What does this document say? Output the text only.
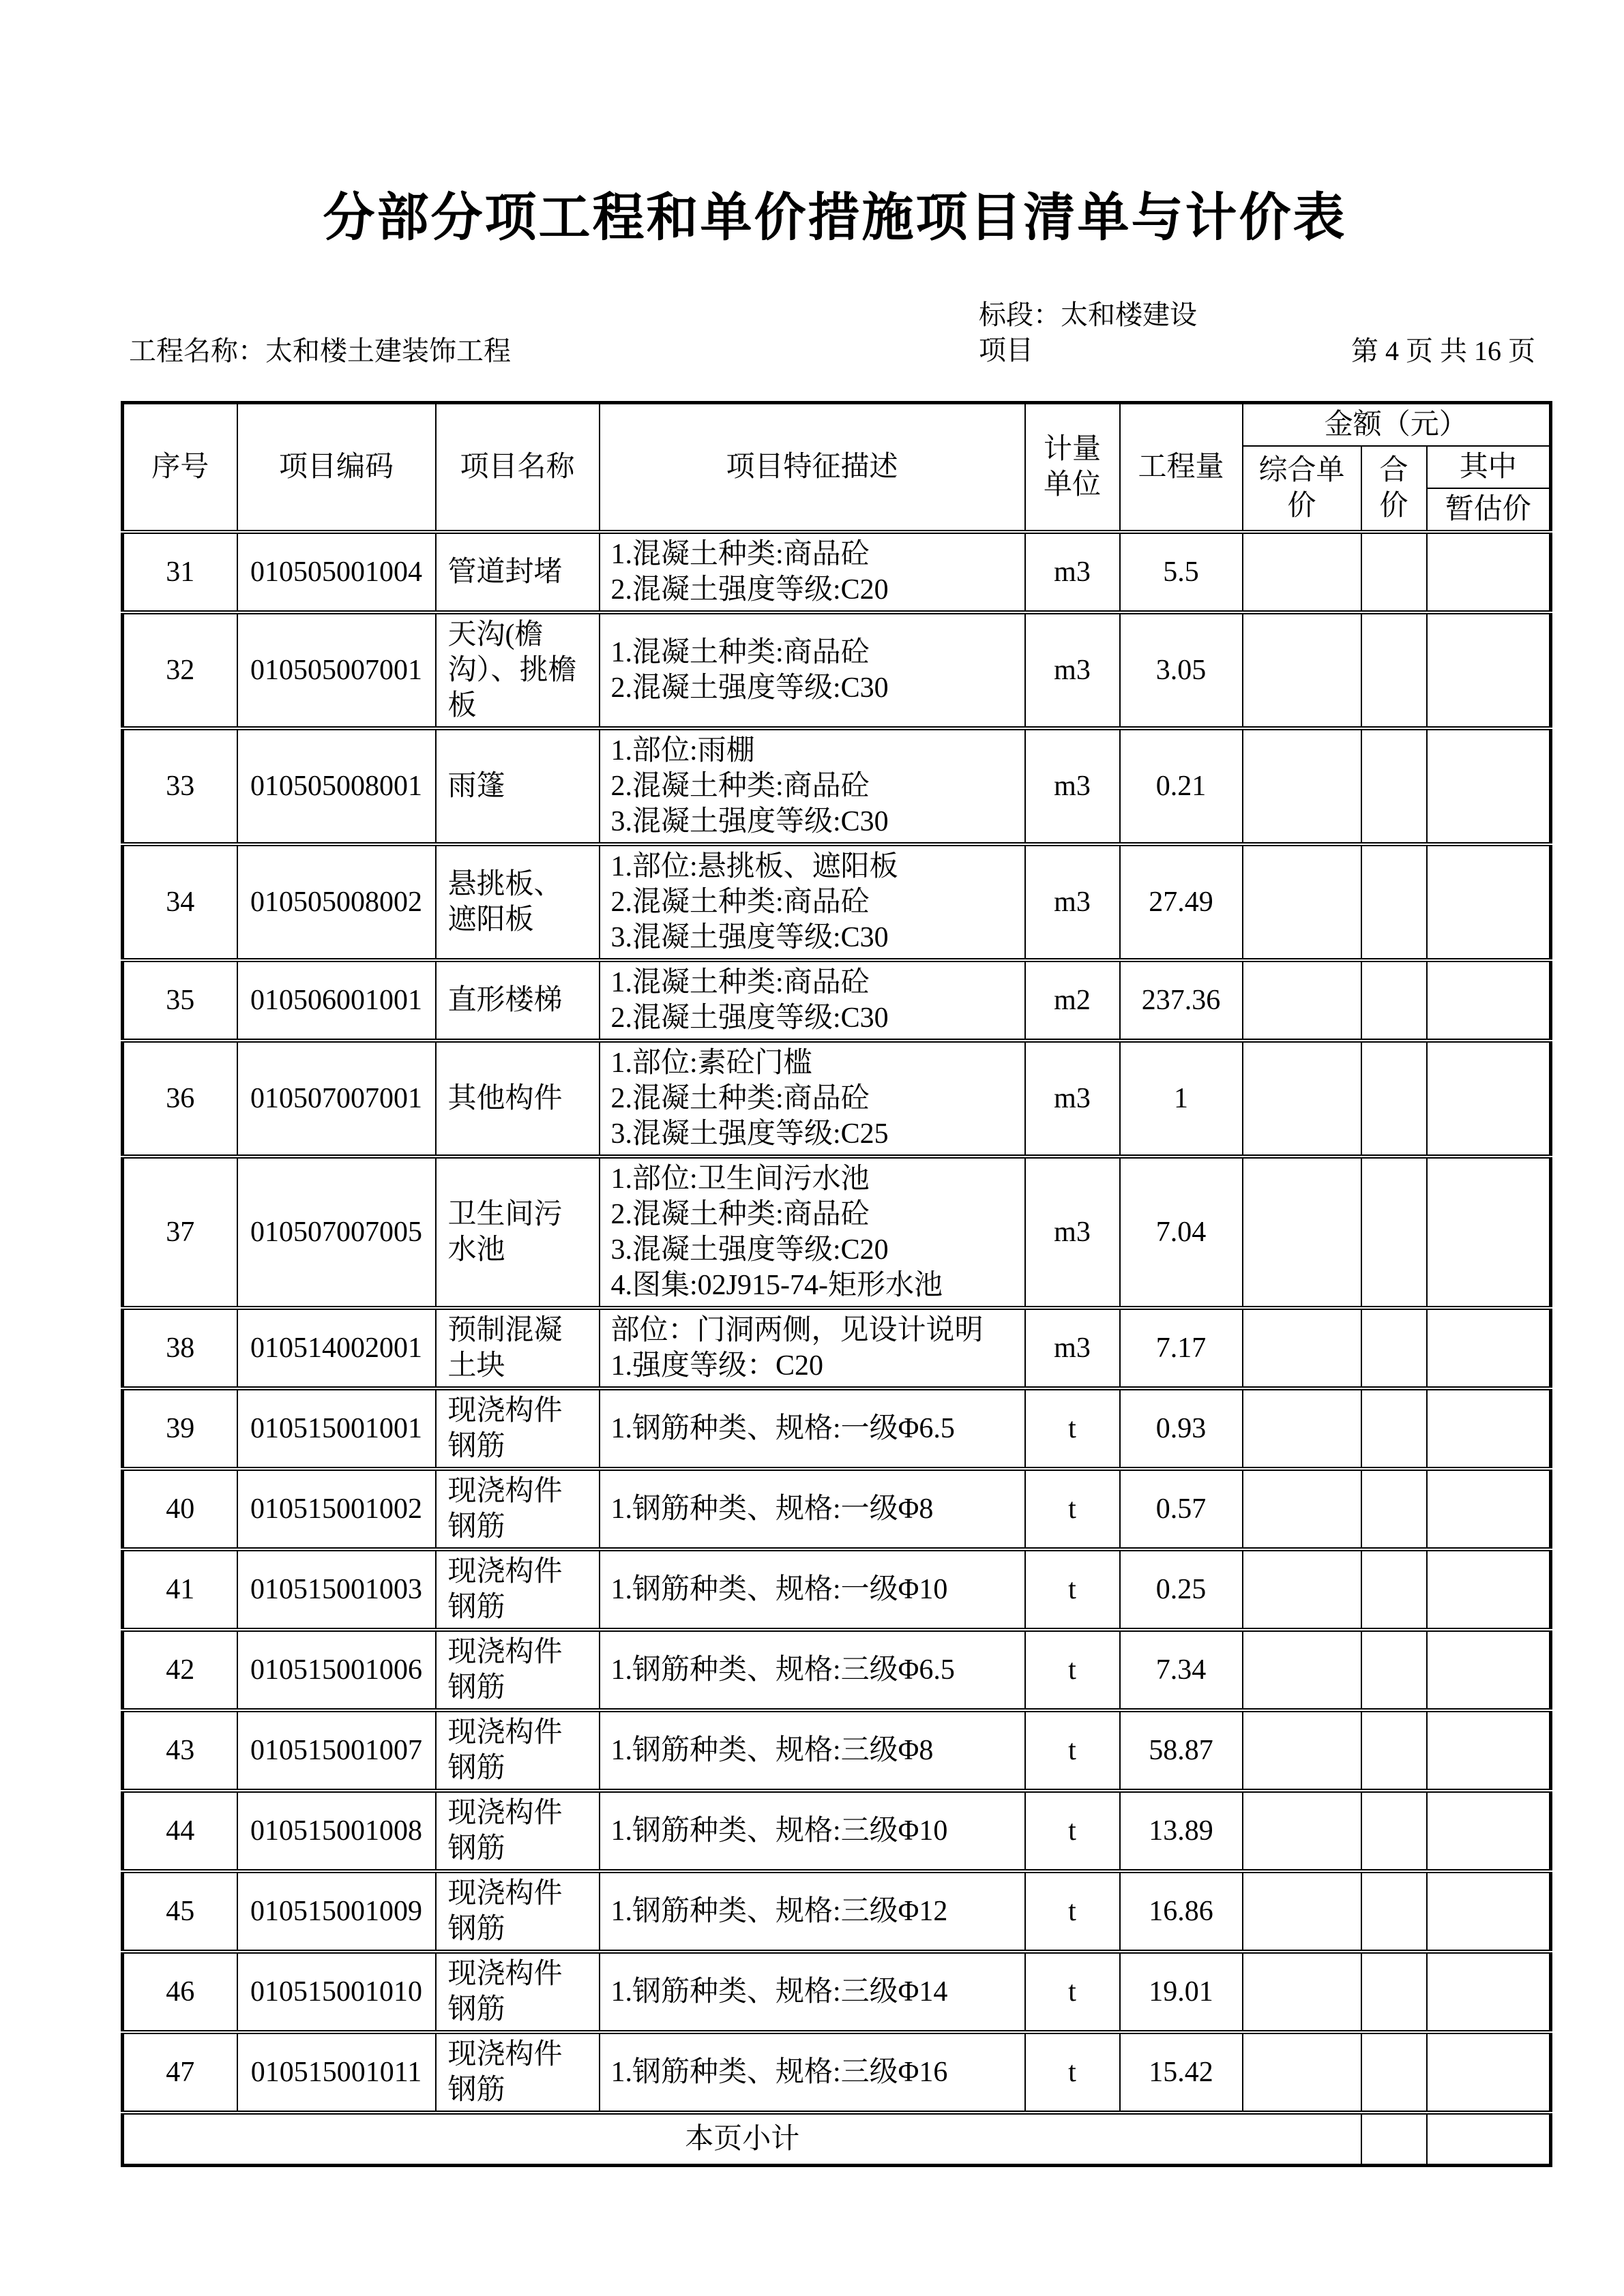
分部分项工程和单价措施项目清单与计价表
工程名称：太和楼土建装饰工程
标段：太和楼建设
项目	第 4 页 共 16 页
序号	项目编码	项目名称	项目特征描述	计量单位	工程量	金额（元）		
						综合单价	合价	其中
								暂估价
31	010505001004	管道封堵	1.混凝土种类:商品砼
2.混凝土强度等级:C20	m3	5.5			
32	010505007001	天沟(檐沟）、挑檐板	1.混凝土种类:商品砼
2.混凝土强度等级:C30	m3	3.05			
33	010505008001	雨篷	1.部位:雨棚
2.混凝土种类:商品砼
3.混凝土强度等级:C30	m3	0.21			
34	010505008002	悬挑板、遮阳板	1.部位:悬挑板、遮阳板
2.混凝土种类:商品砼
3.混凝土强度等级:C30	m3	27.49			
35	010506001001	直形楼梯	1.混凝土种类:商品砼
2.混凝土强度等级:C30	m2	237.36			
36	010507007001	其他构件	1.部位:素砼门槛
2.混凝土种类:商品砼
3.混凝土强度等级:C25	m3	1			
37	010507007005	卫生间污水池	1.部位:卫生间污水池
2.混凝土种类:商品砼
3.混凝土强度等级:C20
4.图集:02J915-74-矩形水池	m3	7.04			
38	010514002001	预制混凝土块	部位：门洞两侧，见设计说明
1.强度等级：C20	m3	7.17			
39	010515001001	现浇构件钢筋	1.钢筋种类、规格:一级Φ6.5	t	0.93			
40	010515001002	现浇构件钢筋	1.钢筋种类、规格:一级Φ8	t	0.57			
41	010515001003	现浇构件钢筋	1.钢筋种类、规格:一级Φ10	t	0.25			
42	010515001006	现浇构件钢筋	1.钢筋种类、规格:三级Φ6.5	t	7.34			
43	010515001007	现浇构件钢筋	1.钢筋种类、规格:三级Φ8	t	58.87			
44	010515001008	现浇构件钢筋	1.钢筋种类、规格:三级Φ10	t	13.89			
45	010515001009	现浇构件钢筋	1.钢筋种类、规格:三级Φ12	t	16.86			
46	010515001010	现浇构件钢筋	1.钢筋种类、规格:三级Φ14	t	19.01			
47	010515001011	现浇构件钢筋	1.钢筋种类、规格:三级Φ16	t	15.42			
本页小计								
